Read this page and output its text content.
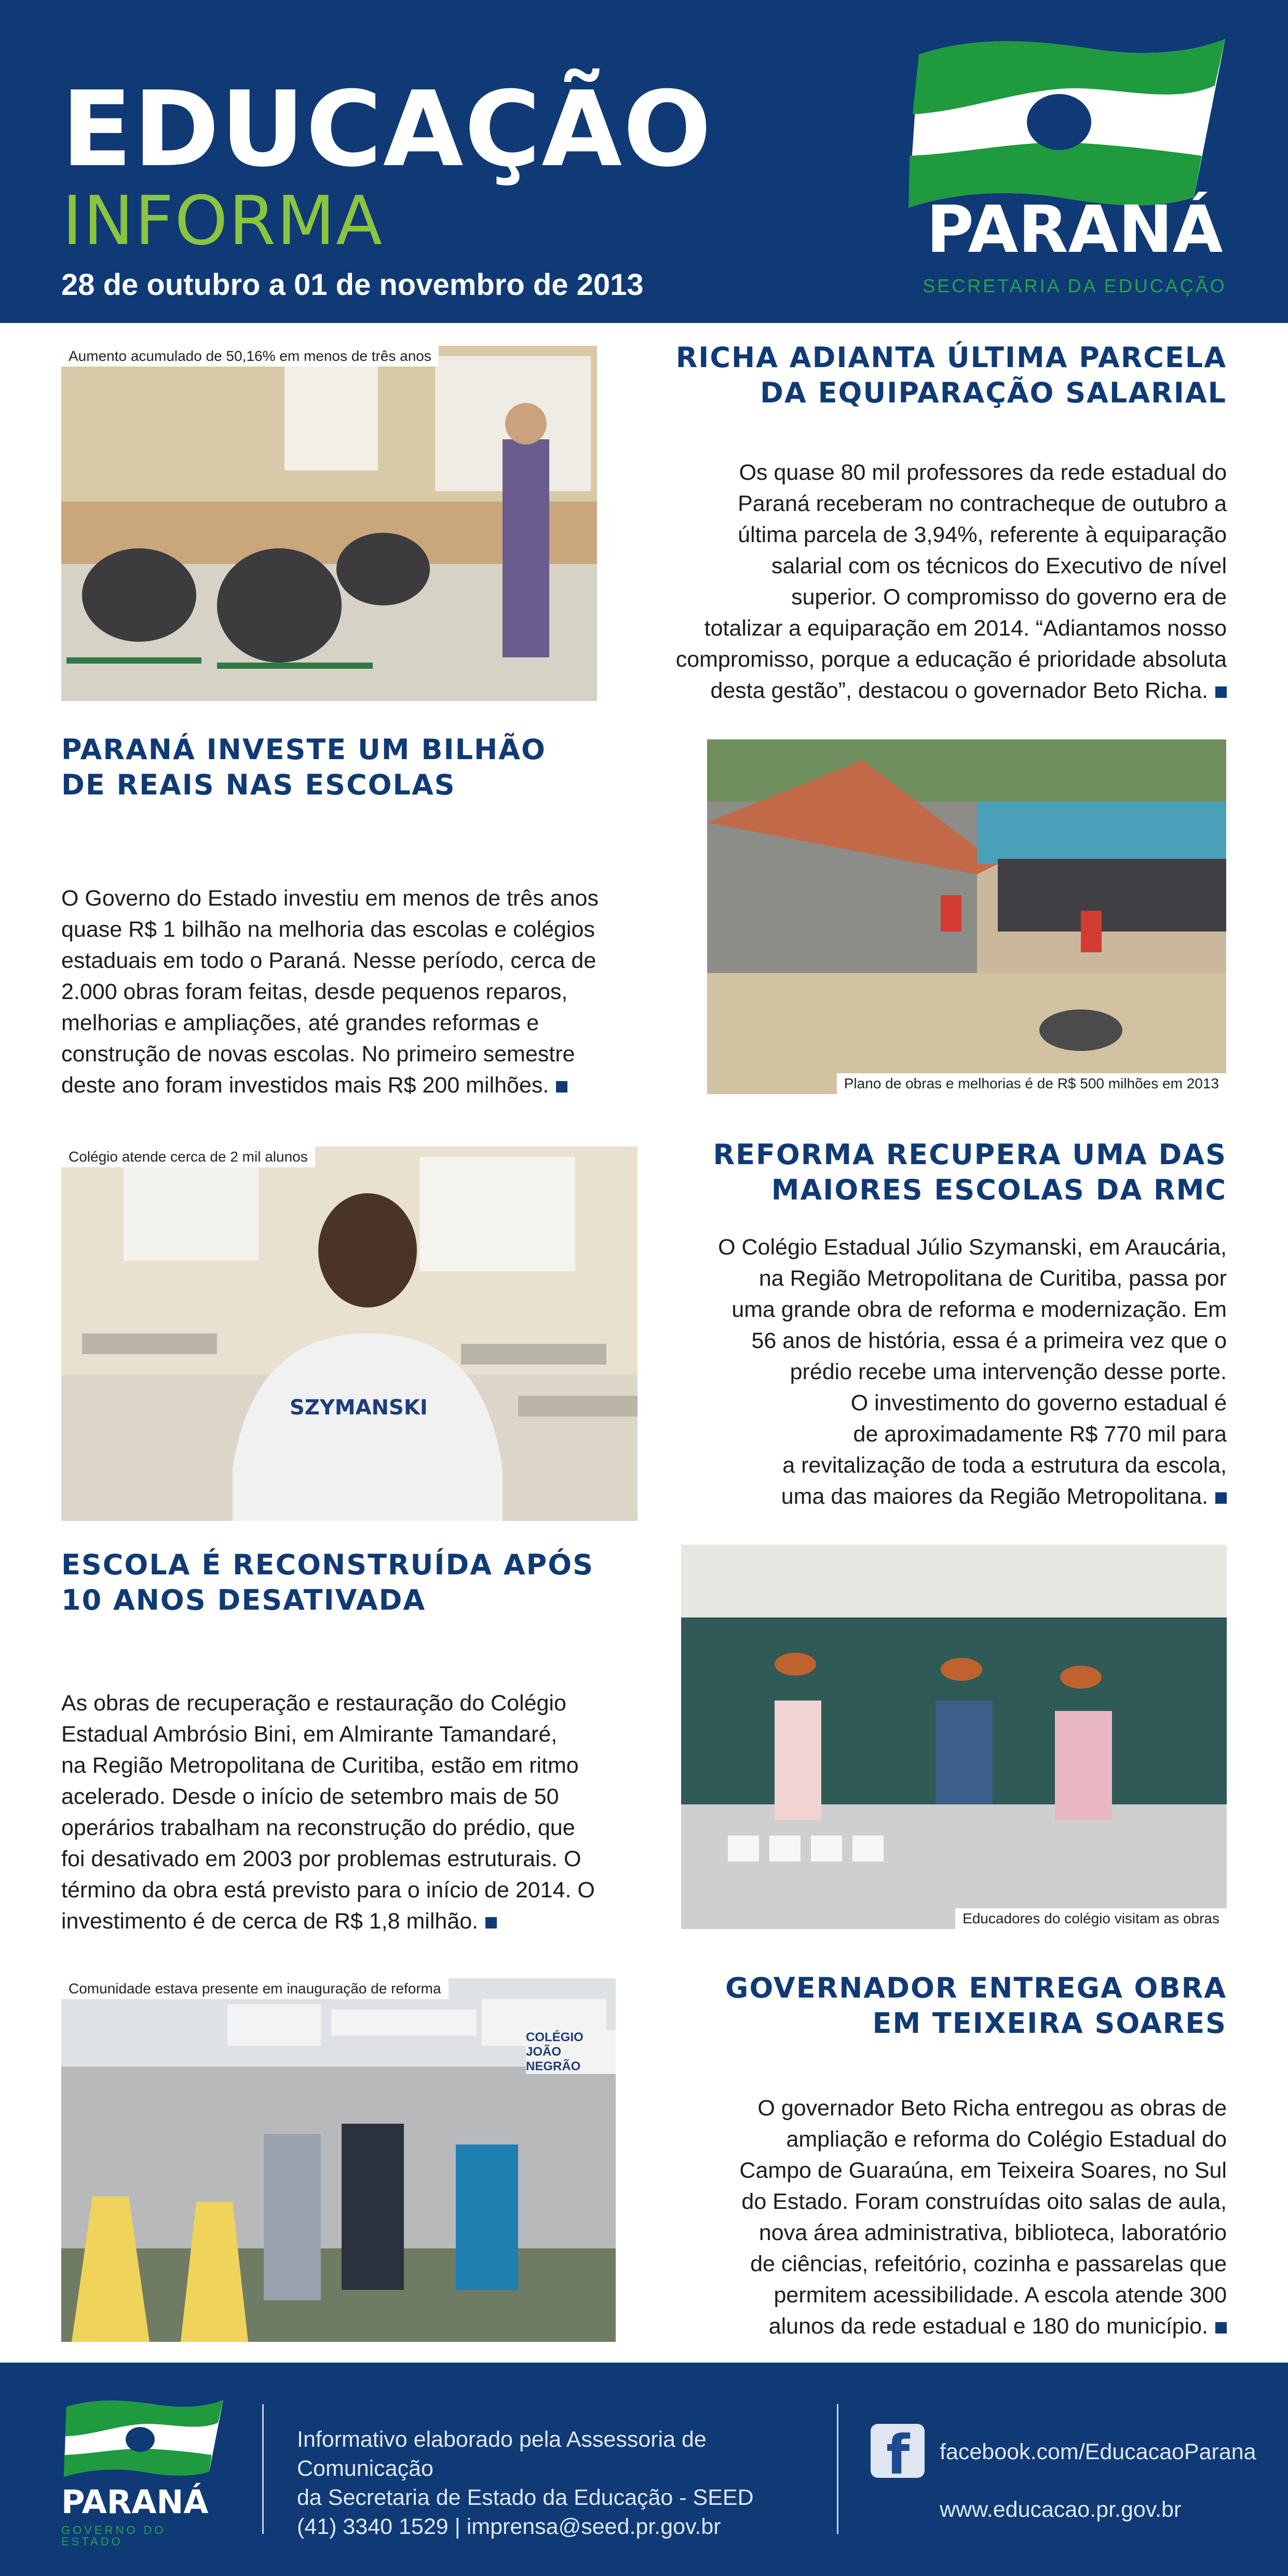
EDUCAÇÃO
INFORMA
28 de outubro a 01 de novembro de 2013
PARANÁ
SECRETARIA DA EDUCAÇÃO
Aumento acumulado de 50,16% em menos de três anos	RICHA ADIANTA ÚLTIMA PARCELA
DA EQUIPARAÇÃO SALARIAL
Os quase 80 mil professores da rede estadual do
Paraná receberam no contracheque de outubro a
última parcela de 3,94%, referente à equiparação
salarial com os técnicos do Executivo de nível
superior. O compromisso do governo era de
totalizar a equiparação em 2014. “Adiantamos nosso
compromisso, porque a educação é prioridade absoluta
desta gestão”, destacou o governador Beto Richa.
PARANÁ INVESTE UM BILHÃO
DE REAIS NAS ESCOLAS
O Governo do Estado investiu em menos de três anos
quase R$ 1 bilhão na melhoria das escolas e colégios
estaduais em todo o Paraná. Nesse período, cerca de
2.000 obras foram feitas, desde pequenos reparos,
melhorias e ampliações, até grandes reformas e
construção de novas escolas. No primeiro semestre
deste ano foram investidos mais R$ 200 milhões.	Plano de obras e melhorias é de R$ 500 milhões em 2013
SZYMANSKI
Colégio atende cerca de 2 mil alunos	REFORMA RECUPERA UMA DAS
MAIORES ESCOLAS DA RMC
O Colégio Estadual Júlio Szymanski, em Araucária,
na Região Metropolitana de Curitiba, passa por
uma grande obra de reforma e modernização. Em
56 anos de história, essa é a primeira vez que o
prédio recebe uma intervenção desse porte.
O investimento do governo estadual é
de aproximadamente R$ 770 mil para
a revitalização de toda a estrutura da escola,
uma das maiores da Região Metropolitana.
ESCOLA É RECONSTRUÍDA APÓS
10 ANOS DESATIVADA
As obras de recuperação e restauração do Colégio
Estadual Ambrósio Bini, em Almirante Tamandaré,
na Região Metropolitana de Curitiba, estão em ritmo
acelerado. Desde o início de setembro mais de 50
operários trabalham na reconstrução do prédio, que
foi desativado em 2003 por problemas estruturais. O
término da obra está previsto para o início de 2014. O
investimento é de cerca de R$ 1,8 milhão.	Educadores do colégio visitam as obras
COLÉGIO JOÃO NEGRÃO
Comunidade estava presente em inauguração de reforma	GOVERNADOR ENTREGA OBRA
EM TEIXEIRA SOARES
O governador Beto Richa entregou as obras de
ampliação e reforma do Colégio Estadual do
Campo de Guaraúna, em Teixeira Soares, no Sul
do Estado. Foram construídas oito salas de aula,
nova área administrativa, biblioteca, laboratório
de ciências, refeitório, cozinha e passarelas que
permitem acessibilidade. A escola atende 300
alunos da rede estadual e 180 do município.
PARANÁ
GOVERNO DO ESTADO
Informativo elaborado pela Assessoria de Comunicação
da Secretaria de Estado da Educação - SEED
(41) 3340 1529 | imprensa@seed.pr.gov.br
f facebook.com/EducacaoParana
www.educacao.pr.gov.br
